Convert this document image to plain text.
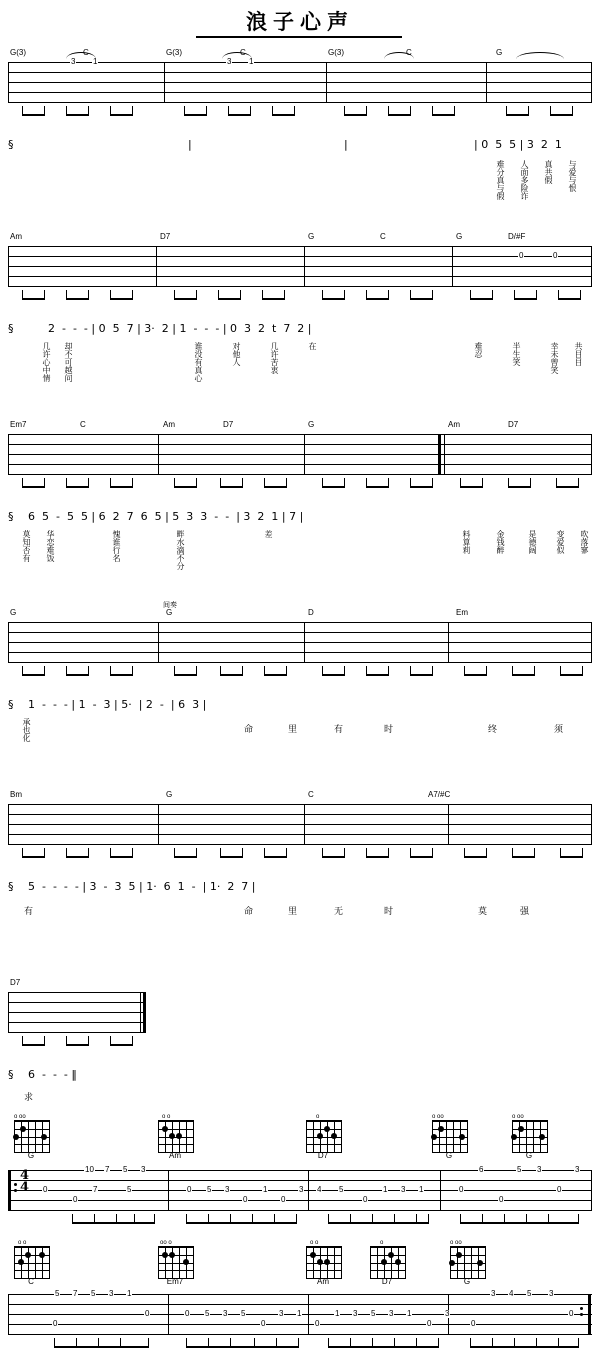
浪子心声
G(3)	C	G(3)	C	G(3)	C	G
3 1	3 1
§	|	|	| 0  5  5 | 3  2  1
难分真与假 人面多险诈 真共假 与爱与恨
Am	D7	G	C	G	D/#F
0	0
§	2  -  -  - | 0  5  7 | 3·  2 | 1  -  -  - | 0  3  2  t  7  2 |
几许心中情 却不可越问	谁没有真心	对他人	几许苦衷	在	难忍	半生笑	幸未曾笑 共目目
Em7	C	Am	D7	G	Am	D7
§ 6  5  -  5  5 | 6  2  7  6  5 | 5  3  3  -  -  | 3  2  1 | 7 |
莫知否有 华恋难饭	愧谁行名	畔水滴不分	差	料算莉	金钱醉	是德阔 变爱似 吹落寥
间奏
G	G	D	Em
§ 1  -  -  - | 1  -  3 | 5·  | 2  -  | 6  3 |
承也化	命	里	有	时	终	须
Bm	G	C	A7/#C
§ 5  -  -  -  - | 3  -  3  5 | 1·  6  1  -  | 1·  2  7 |
有	命	里	无	时	莫	强
D7
§ 6  -  -  - ‖
求
o oo
G
o o
Am
o
D7
o oo
G
o oo
G
4
4 0
0
10 7
7
5
5
3
0 5 3
0
1
0
3 4 5
0
1 3 1	0
6
0
5 3
0
3
o o
C
oo o
Em7
o o
Am
o
D7
o oo
G
0
5 7 5 3 1
0	0 5 3 5
0
3 1
0
1 3 5 3 1
0
3
0
3 4 5 3
0
